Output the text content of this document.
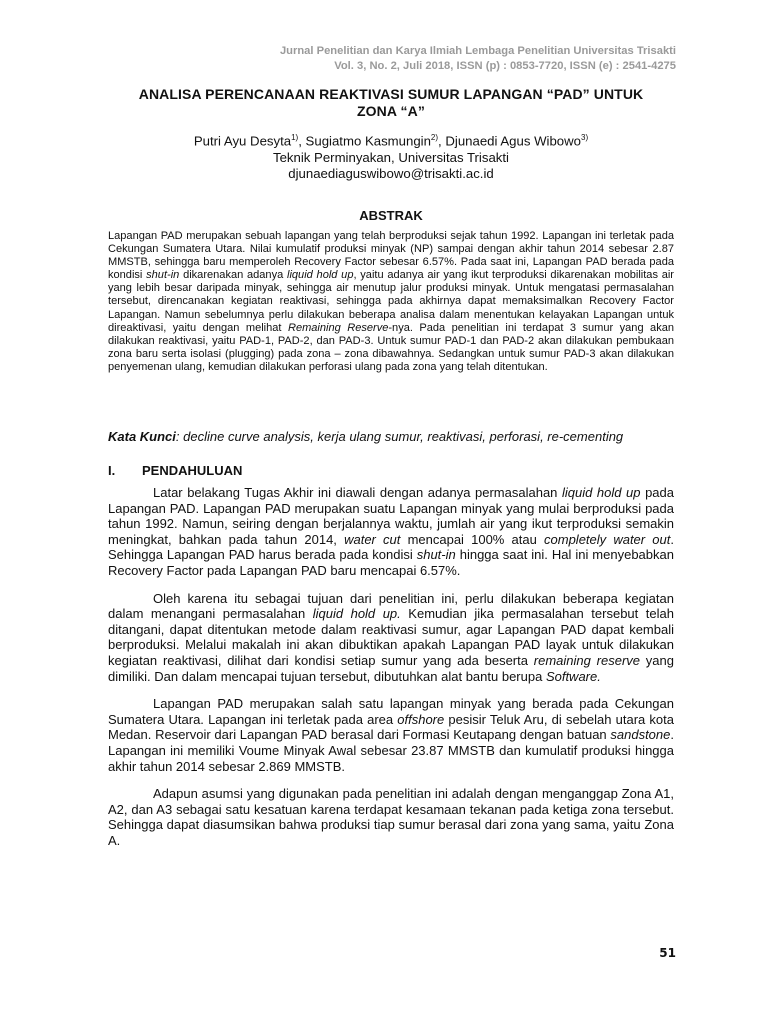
Jurnal Penelitian dan Karya Ilmiah Lembaga Penelitian Universitas Trisakti
Vol. 3, No. 2, Juli 2018, ISSN (p) : 0853-7720, ISSN (e) : 2541-4275
ANALISA PERENCANAAN REAKTIVASI SUMUR LAPANGAN “PAD” UNTUK
ZONA “A”
Putri Ayu Desyta$^{1)}$, Sugiatmo Kasmungin$^{2)}$, Djunaedi Agus Wibowo$^{3)}$
Teknik Perminyakan, Universitas Trisakti
djunaediaguswibowo@trisakti.ac.id
ABSTRAK
Lapangan PAD merupakan sebuah lapangan yang telah berproduksi sejak tahun 1992. Lapangan ini terletak pada Cekungan Sumatera Utara. Nilai kumulatif produksi minyak (NP) sampai dengan akhir tahun 2014 sebesar 2.87 MMSTB, sehingga baru memperoleh Recovery Factor sebesar 6.57%. Pada saat ini, Lapangan PAD berada pada kondisi shut-in dikarenakan adanya liquid hold up, yaitu adanya air yang ikut terproduksi dikarenakan mobilitas air yang lebih besar daripada minyak, sehingga air menutup jalur produksi minyak. Untuk mengatasi permasalahan tersebut, direncanakan kegiatan reaktivasi, sehingga pada akhirnya dapat memaksimalkan Recovery Factor Lapangan. Namun sebelumnya perlu dilakukan beberapa analisa dalam menentukan kelayakan Lapangan untuk direaktivasi, yaitu dengan melihat Remaining Reserve-nya. Pada penelitian ini terdapat 3 sumur yang akan dilakukan reaktivasi, yaitu PAD-1, PAD-2, dan PAD-3. Untuk sumur PAD-1 dan PAD-2 akan dilakukan pembukaan zona baru serta isolasi (plugging) pada zona – zona dibawahnya. Sedangkan untuk sumur PAD-3 akan dilakukan penyemenan ulang, kemudian dilakukan perforasi ulang pada zona yang telah ditentukan.
Kata Kunci: decline curve analysis, kerja ulang sumur, reaktivasi, perforasi, re-cementing
I. PENDAHULUAN

Latar belakang Tugas Akhir ini diawali dengan adanya permasalahan liquid hold up pada Lapangan PAD. Lapangan PAD merupakan suatu Lapangan minyak yang mulai berproduksi pada tahun 1992. Namun, seiring dengan berjalannya waktu, jumlah air yang ikut terproduksi semakin meningkat, bahkan pada tahun 2014, water cut mencapai 100% atau completely water out. Sehingga Lapangan PAD harus berada pada kondisi shut-in hingga saat ini. Hal ini menyebabkan Recovery Factor pada Lapangan PAD baru mencapai 6.57%.

Oleh karena itu sebagai tujuan dari penelitian ini, perlu dilakukan beberapa kegiatan dalam menangani permasalahan liquid hold up. Kemudian jika permasalahan tersebut telah ditangani, dapat ditentukan metode dalam reaktivasi sumur, agar Lapangan PAD dapat kembali berproduksi. Melalui makalah ini akan dibuktikan apakah Lapangan PAD layak untuk dilakukan kegiatan reaktivasi, dilihat dari kondisi setiap sumur yang ada beserta remaining reserve yang dimiliki. Dan dalam mencapai tujuan tersebut, dibutuhkan alat bantu berupa Software.

Lapangan PAD merupakan salah satu lapangan minyak yang berada pada Cekungan Sumatera Utara. Lapangan ini terletak pada area offshore pesisir Teluk Aru, di sebelah utara kota Medan. Reservoir dari Lapangan PAD berasal dari Formasi Keutapang dengan batuan sandstone. Lapangan ini memiliki Voume Minyak Awal sebesar 23.87 MMSTB dan kumulatif produksi hingga akhir tahun 2014 sebesar 2.869 MMSTB.

Adapun asumsi yang digunakan pada penelitian ini adalah dengan menganggap Zona A1, A2, dan A3 sebagai satu kesatuan karena terdapat kesamaan tekanan pada ketiga zona tersebut. Sehingga dapat diasumsikan bahwa produksi tiap sumur berasal dari zona yang sama, yaitu Zona A.

51
